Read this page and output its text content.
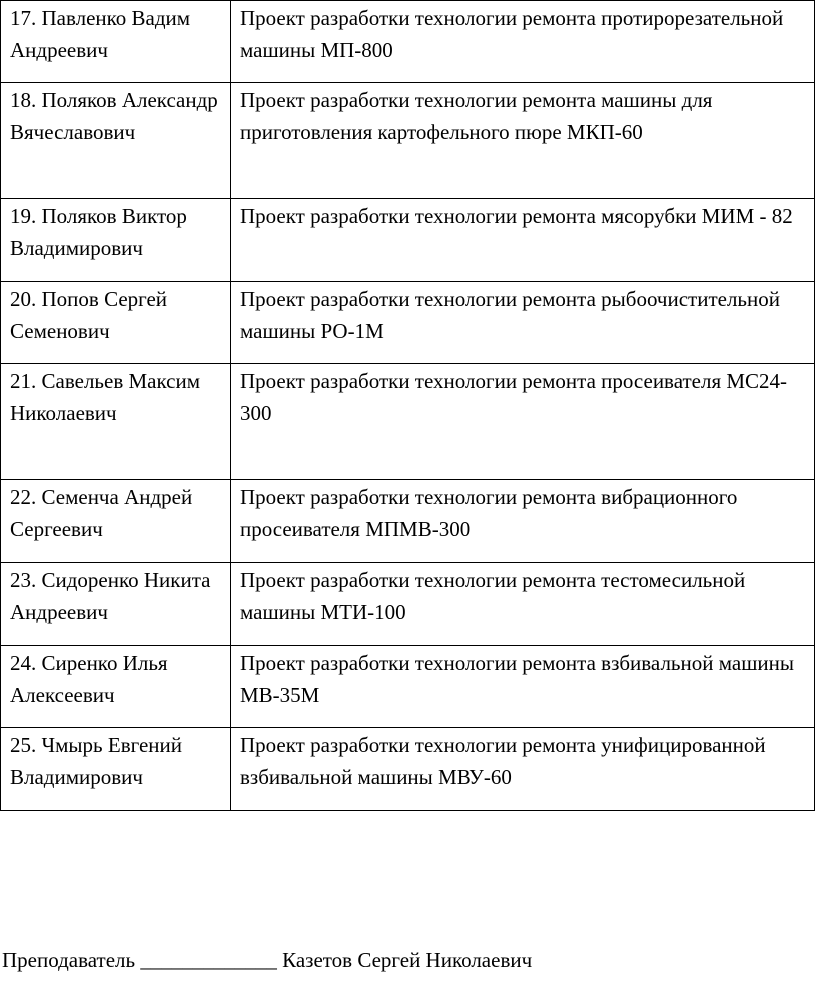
17. Павленко Вадим Андреевич	Проект разработки технологии ремонта протирорезательной машины МП-800
18. Поляков Александр Вячеславович	Проект разработки технологии ремонта машины для приготовления картофельного пюре МКП-60
19. Поляков Виктор Владимирович	Проект разработки технологии ремонта мясорубки МИМ - 82
20. Попов Сергей Семенович	Проект разработки технологии ремонта рыбоочистительной машины РО-1М
21. Савельев Максим Николаевич	Проект разработки технологии ремонта просеивателя МС24-300
22. Семенча Андрей Сергеевич	Проект разработки технологии ремонта вибрационного просеивателя МПМВ-300
23. Сидоренко Никита Андреевич	Проект разработки технологии ремонта тестомесильной машины МТИ-100
24. Сиренко Илья Алексеевич	Проект разработки технологии ремонта взбивальной машины МВ-35М
25. Чмырь Евгений Владимирович	Проект разработки технологии ремонта унифицированной взбивальной машины МВУ-60
Преподаватель _____________ Казетов Сергей Николаевич
